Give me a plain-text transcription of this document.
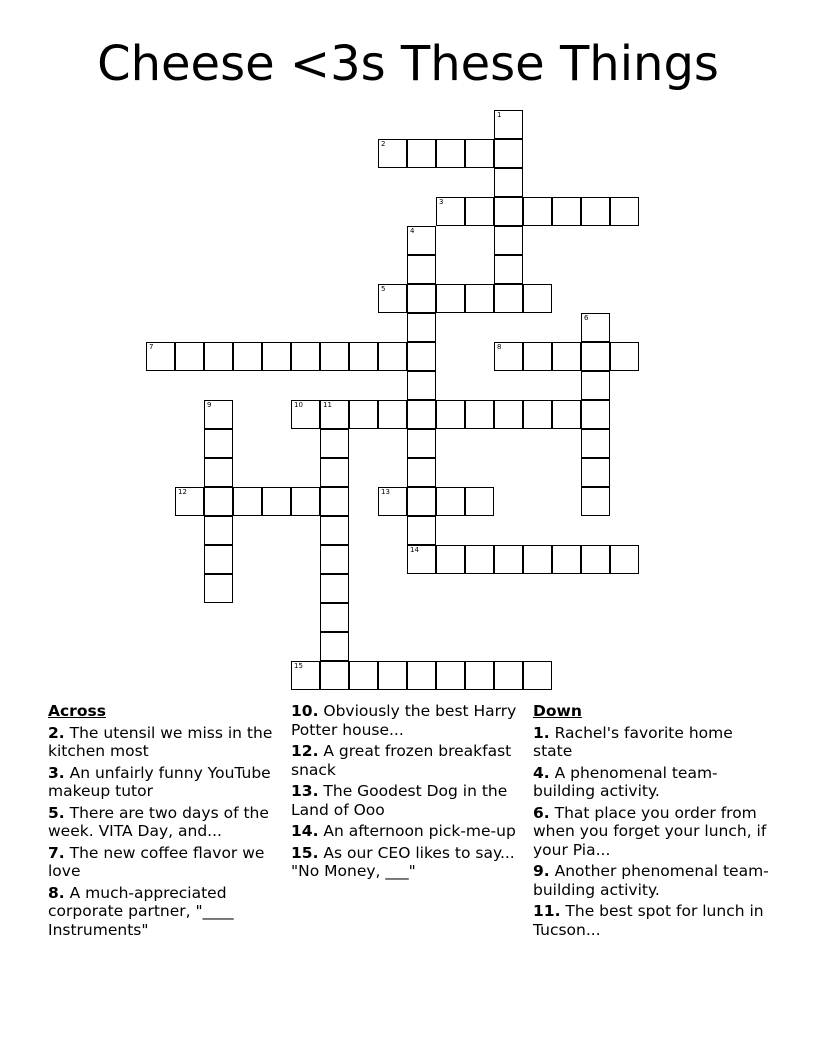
Cheese <3s These Things
1
2
3
4
14
5
6
7	8
9	10	11
12	13
15
Across
2. The utensil we miss in the kitchen most
3. An unfairly funny YouTube makeup tutor
5. There are two days of the week. VITA Day, and...
7. The new coffee flavor we love
8. A much-appreciated corporate partner, "____ Instruments"
10. Obviously the best Harry Potter house...
12. A great frozen breakfast snack
13. The Goodest Dog in the Land of Ooo
14. An afternoon pick-me-up
15. As our CEO likes to say... "No Money, ___"
Down
1. Rachel's favorite home state
4. A phenomenal team-building activity.
6. That place you order from when you forget your lunch, if your Pia...
9. Another phenomenal team-building activity.
11. The best spot for lunch in Tucson...
